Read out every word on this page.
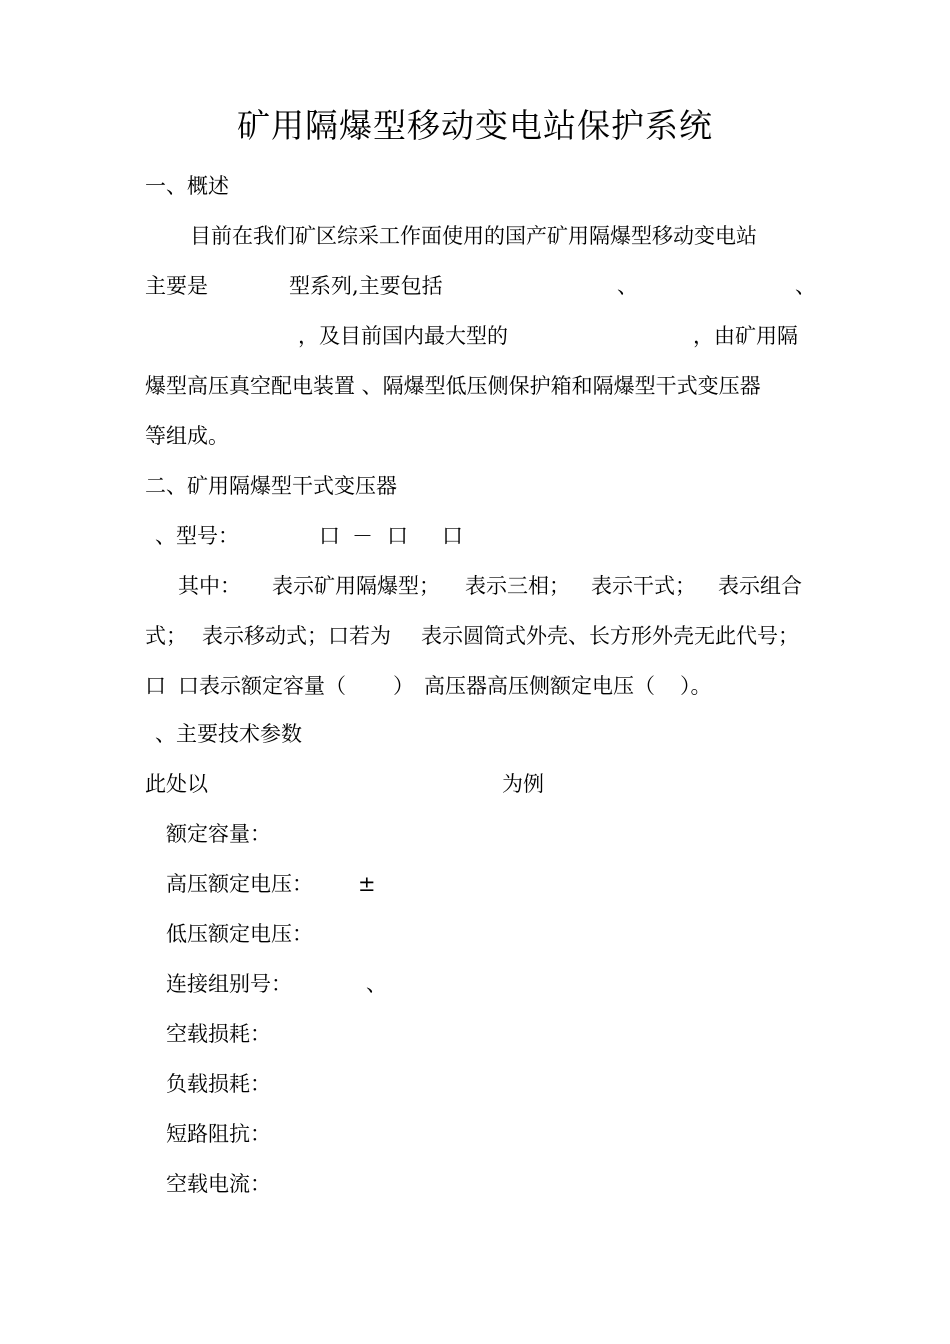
矿用隔爆型移动变电站保护系统
一、概述
目前在我们矿区综采工作面使用的国产矿用隔爆型移动变电站
主要是	型系列,主要包括	、	、
，及目前国内最大型的	，由矿用隔
爆型高压真空配电装置 、隔爆型低压侧保护箱和隔爆型干式变压器
等组成。
二、矿用隔爆型干式变压器
、型号：	口 － 口 口
其中： 表示矿用隔爆型； 表示三相； 表示干式； 表示组合
式； 表示移动式；口若为 表示圆筒式外壳、长方形外壳无此代号；
口 口表示额定容量（ ） 高压器高压侧额定电压（ ）。
、主要技术参数
此处以	为例
额定容量：
高压额定电压： ±
低压额定电压：
连接组别号：	、
空载损耗：
负载损耗：
短路阻抗：
空载电流：
